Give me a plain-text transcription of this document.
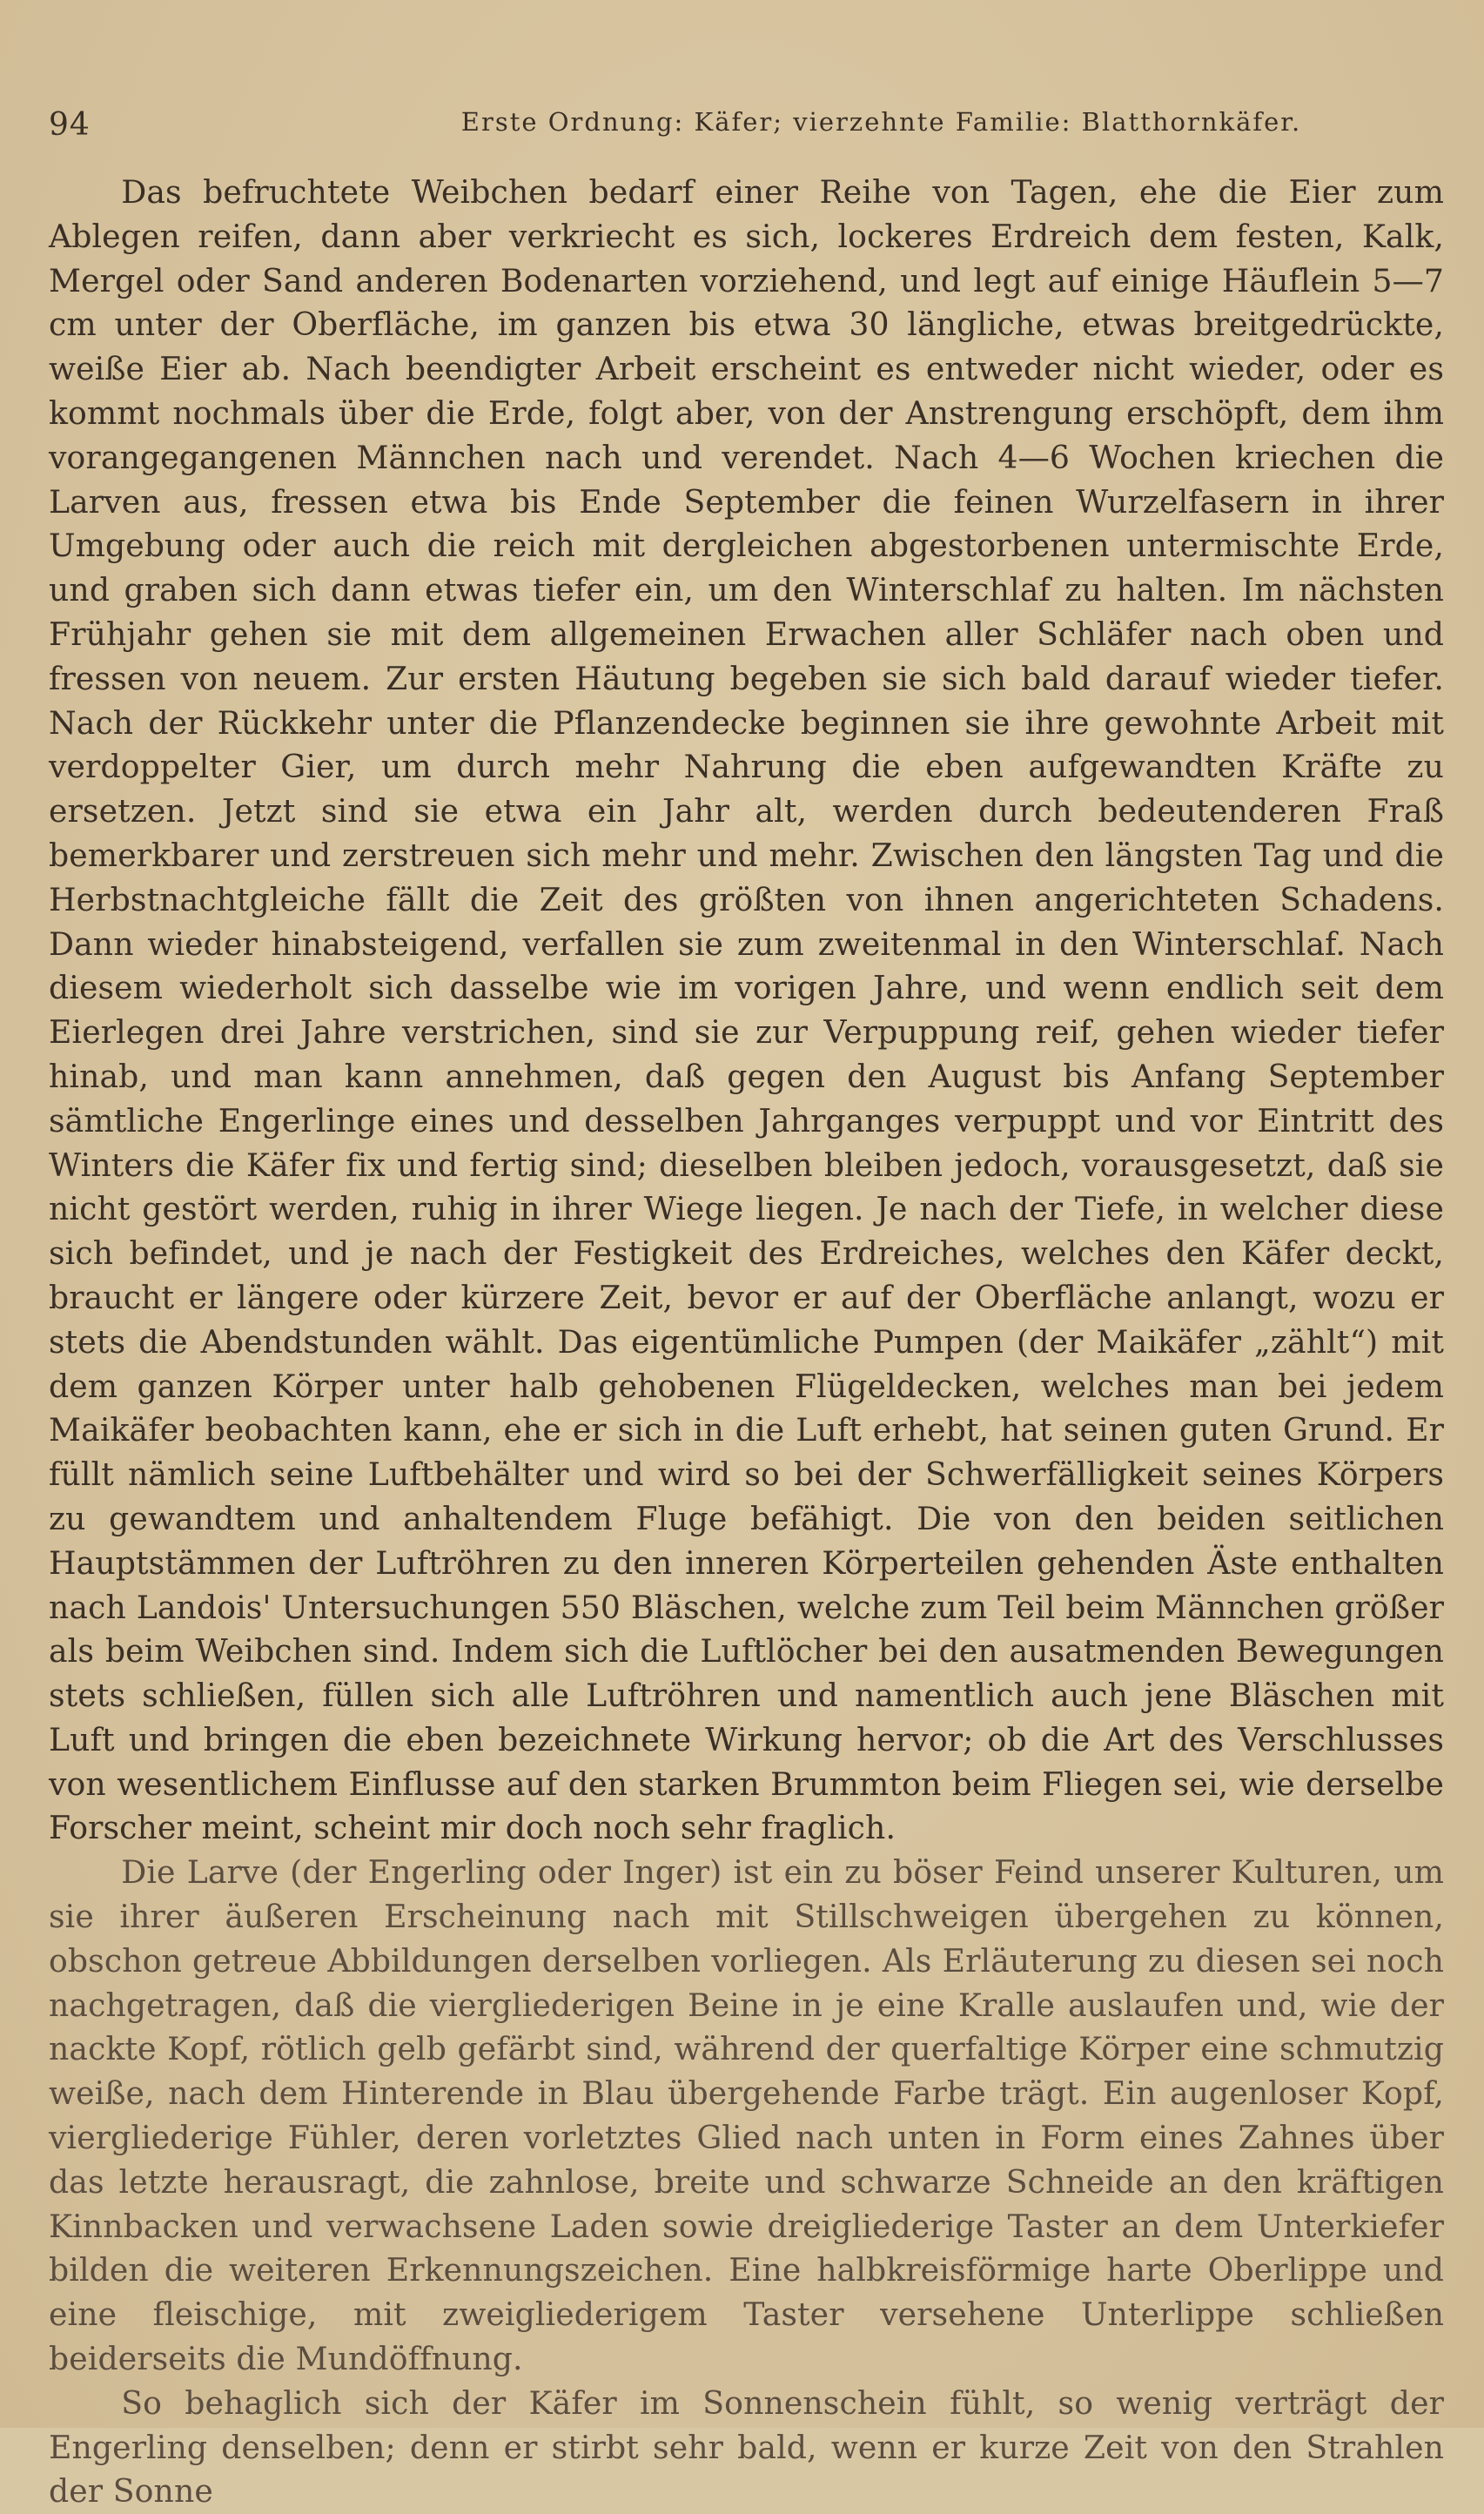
94	Erste Ordnung: Käfer; vierzehnte Familie: Blatthornkäfer.

Das befruchtete Weibchen bedarf einer Reihe von Tagen, ehe die Eier zum Ablegen reifen, dann aber verkriecht es sich, lockeres Erdreich dem festen, Kalk, Mergel oder Sand anderen Bodenarten vorziehend, und legt auf einige Häuflein 5—7 cm unter der Oberfläche, im ganzen bis etwa 30 längliche, etwas breitgedrückte, weiße Eier ab. Nach beendigter Arbeit erscheint es entweder nicht wieder, oder es kommt nochmals über die Erde, folgt aber, von der Anstrengung erschöpft, dem ihm vorangegangenen Männchen nach und verendet. Nach 4—6 Wochen kriechen die Larven aus, fressen etwa bis Ende September die feinen Wurzelfasern in ihrer Umgebung oder auch die reich mit dergleichen abgestorbenen untermischte Erde, und graben sich dann etwas tiefer ein, um den Winterschlaf zu halten. Im nächsten Frühjahr gehen sie mit dem allgemeinen Erwachen aller Schläfer nach oben und fressen von neuem. Zur ersten Häutung begeben sie sich bald darauf wieder tiefer. Nach der Rückkehr unter die Pflanzendecke beginnen sie ihre gewohnte Arbeit mit verdoppelter Gier, um durch mehr Nahrung die eben aufgewandten Kräfte zu ersetzen. Jetzt sind sie etwa ein Jahr alt, werden durch bedeutenderen Fraß bemerkbarer und zerstreuen sich mehr und mehr. Zwischen den längsten Tag und die Herbstnachtgleiche fällt die Zeit des größten von ihnen angerichteten Schadens. Dann wieder hinabsteigend, verfallen sie zum zweitenmal in den Winterschlaf. Nach diesem wiederholt sich dasselbe wie im vorigen Jahre, und wenn endlich seit dem Eierlegen drei Jahre verstrichen, sind sie zur Verpuppung reif, gehen wieder tiefer hinab, und man kann annehmen, daß gegen den August bis Anfang September sämtliche Engerlinge eines und desselben Jahrganges verpuppt und vor Eintritt des Winters die Käfer fix und fertig sind; dieselben bleiben jedoch, vorausgesetzt, daß sie nicht gestört werden, ruhig in ihrer Wiege liegen. Je nach der Tiefe, in welcher diese sich befindet, und je nach der Festigkeit des Erdreiches, welches den Käfer deckt, braucht er längere oder kürzere Zeit, bevor er auf der Oberfläche anlangt, wozu er stets die Abendstunden wählt. Das eigentümliche Pumpen (der Maikäfer „zählt“) mit dem ganzen Körper unter halb gehobenen Flügeldecken, welches man bei jedem Maikäfer beobachten kann, ehe er sich in die Luft erhebt, hat seinen guten Grund. Er füllt nämlich seine Luftbehälter und wird so bei der Schwerfälligkeit seines Körpers zu gewandtem und anhaltendem Fluge befähigt. Die von den beiden seitlichen Hauptstämmen der Luftröhren zu den inneren Körperteilen gehenden Äste enthalten nach Landois' Untersuchungen 550 Bläschen, welche zum Teil beim Männchen größer als beim Weibchen sind. Indem sich die Luftlöcher bei den ausatmenden Bewegungen stets schließen, füllen sich alle Luftröhren und namentlich auch jene Bläschen mit Luft und bringen die eben bezeichnete Wirkung hervor; ob die Art des Verschlusses von wesentlichem Einflusse auf den starken Brummton beim Fliegen sei, wie derselbe Forscher meint, scheint mir doch noch sehr fraglich.

Die Larve (der Engerling oder Inger) ist ein zu böser Feind unserer Kulturen, um sie ihrer äußeren Erscheinung nach mit Stillschweigen übergehen zu können, obschon getreue Abbildungen derselben vorliegen. Als Erläuterung zu diesen sei noch nachgetragen, daß die viergliederigen Beine in je eine Kralle auslaufen und, wie der nackte Kopf, rötlich gelb gefärbt sind, während der querfaltige Körper eine schmutzig weiße, nach dem Hinterende in Blau übergehende Farbe trägt. Ein augenloser Kopf, viergliederige Fühler, deren vorletztes Glied nach unten in Form eines Zahnes über das letzte herausragt, die zahnlose, breite und schwarze Schneide an den kräftigen Kinnbacken und verwachsene Laden sowie dreigliederige Taster an dem Unterkiefer bilden die weiteren Erkennungszeichen. Eine halbkreisförmige harte Oberlippe und eine fleischige, mit zweigliederigem Taster versehene Unterlippe schließen beiderseits die Mundöffnung.

So behaglich sich der Käfer im Sonnenschein fühlt, so wenig verträgt der Engerling denselben; denn er stirbt sehr bald, wenn er kurze Zeit von den Strahlen der Sonne
